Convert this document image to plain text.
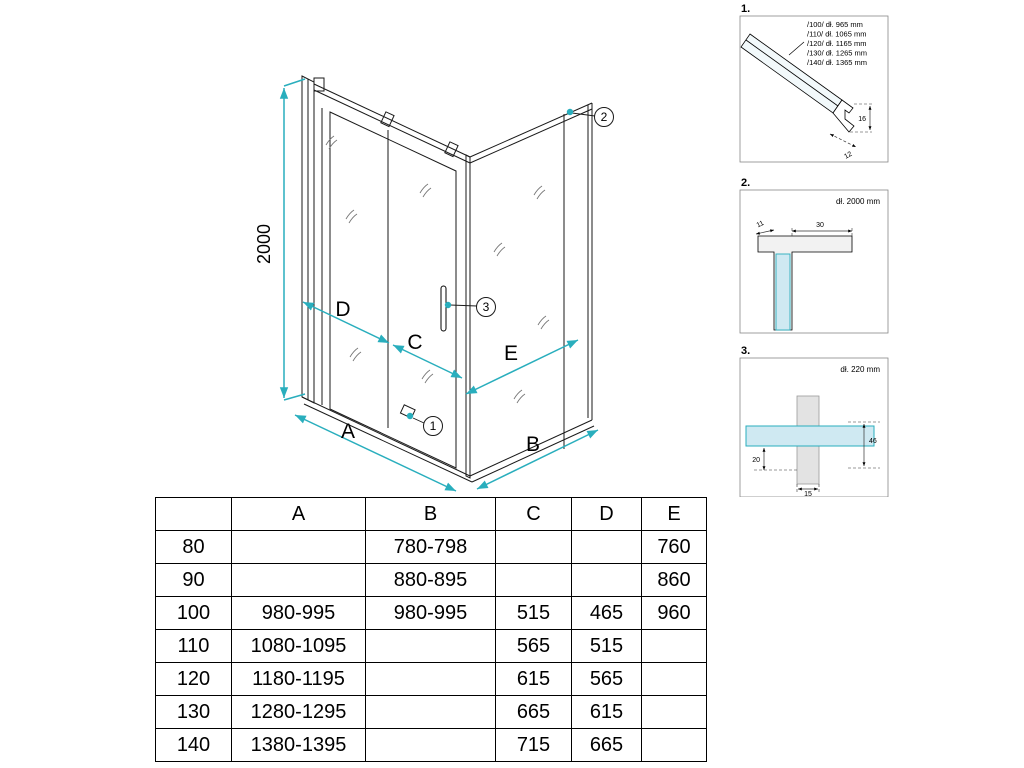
2000
D
C	E
A
B
1
2
3
1.
/100/ dł. 965 mm
/110/ dł. 1065 mm
/120/ dł. 1165 mm
/130/ dł. 1265 mm
/140/ dł. 1365 mm
16
12
2.
dł. 2000 mm
30
11
3.
dł. 220 mm
46
20
15
	A	B	C	D	E
80		780-798			760
90		880-895			860
100	980-995	980-995	515	465	960
110	1080-1095		565	515	
120	1180-1195		615	565	
130	1280-1295		665	615	
140	1380-1395		715	665	
